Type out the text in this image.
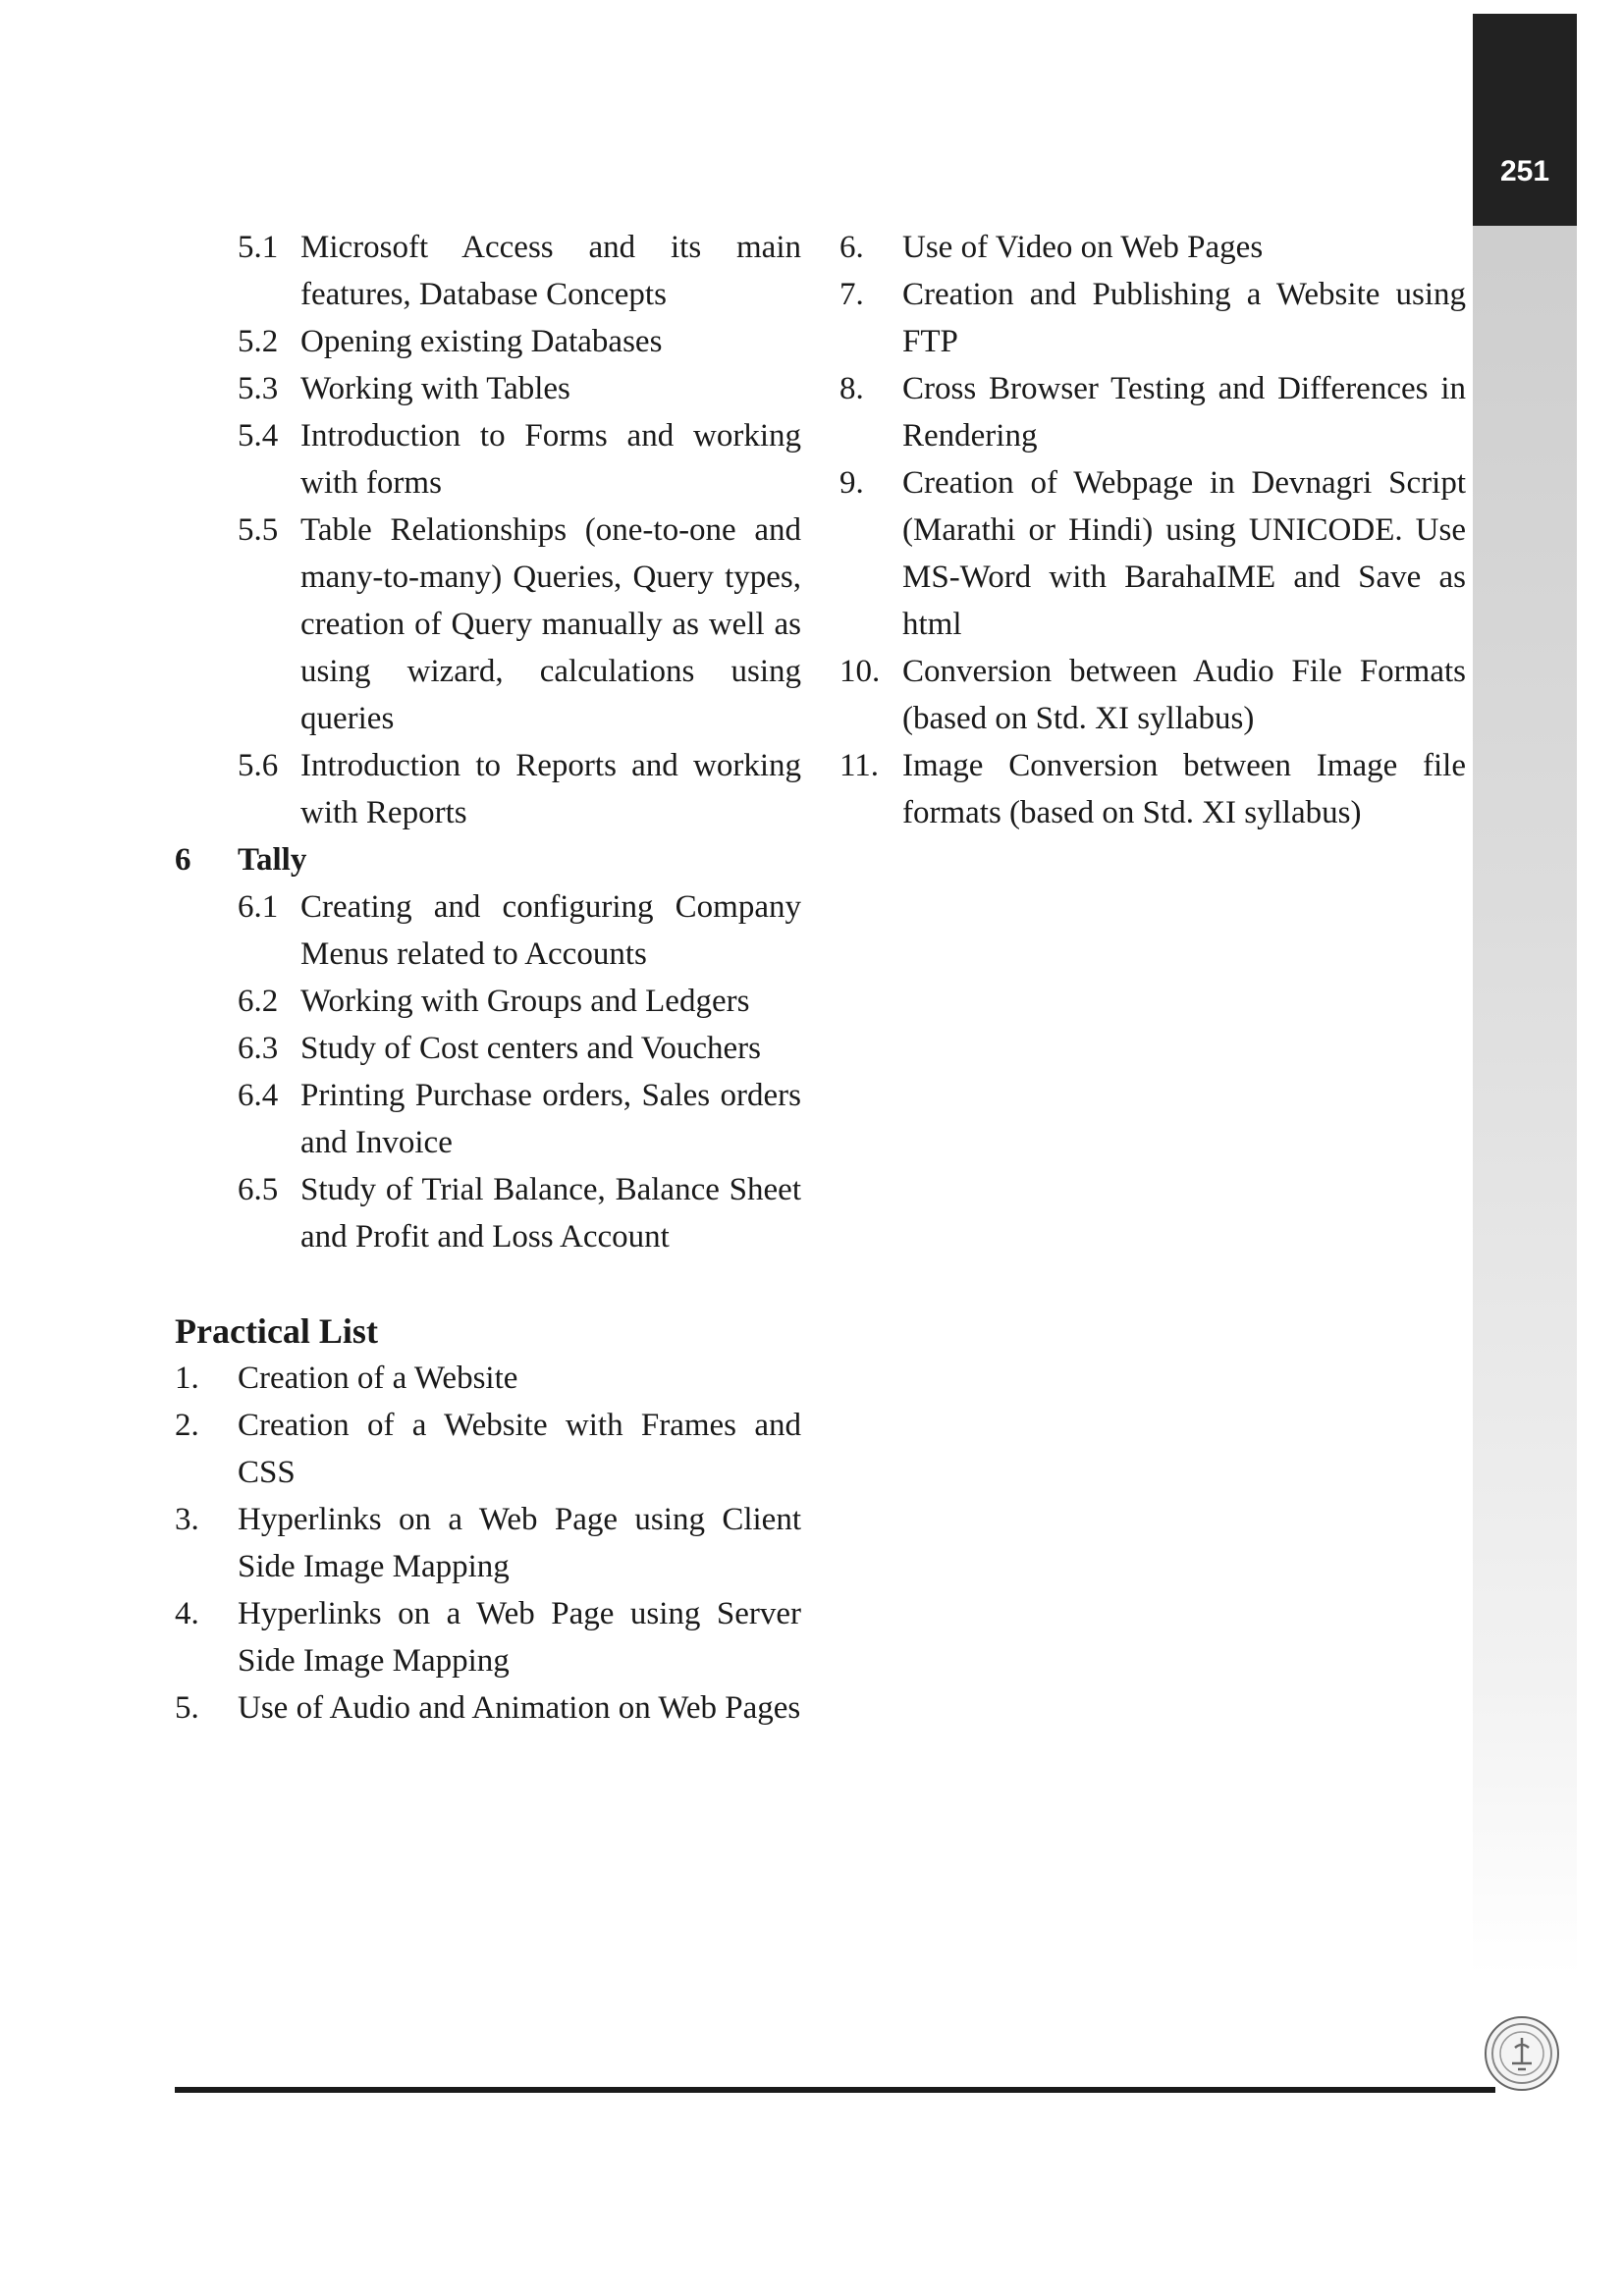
251
5.1 Microsoft Access and its main features, Database Concepts
5.2 Opening existing Databases
5.3 Working with Tables
5.4 Introduction to Forms and working with forms
5.5 Table Relationships (one-to-one and many-to-many) Queries, Query types, creation of Query manually as well as using wizard, calculations using queries
5.6 Introduction to Reports and working with Reports
6	Tally
6.1 Creating and configuring Company Menus related to Accounts
6.2 Working with Groups and Ledgers
6.3 Study of Cost centers and Vouchers
6.4 Printing Purchase orders, Sales orders and Invoice
6.5 Study of Trial Balance, Balance Sheet and Profit and Loss Account
Practical List
1.	Creation of a Website
2.	Creation of a Website with Frames and CSS
3.	Hyperlinks on a Web Page using Client Side Image Mapping
4.	Hyperlinks on a Web Page using Server Side Image Mapping
5.	Use of Audio and Animation on Web Pages
6.	Use of Video on Web Pages
7.	Creation and Publishing a Website using FTP
8.	Cross Browser Testing and Differences in Rendering
9.	Creation of Webpage in Devnagri Script (Marathi or Hindi) using UNICODE. Use MS-Word with BarahaIME and Save as html
10. Conversion between Audio File Formats (based on Std. XI syllabus)
11. Image Conversion between Image file formats (based on Std. XI syllabus)
